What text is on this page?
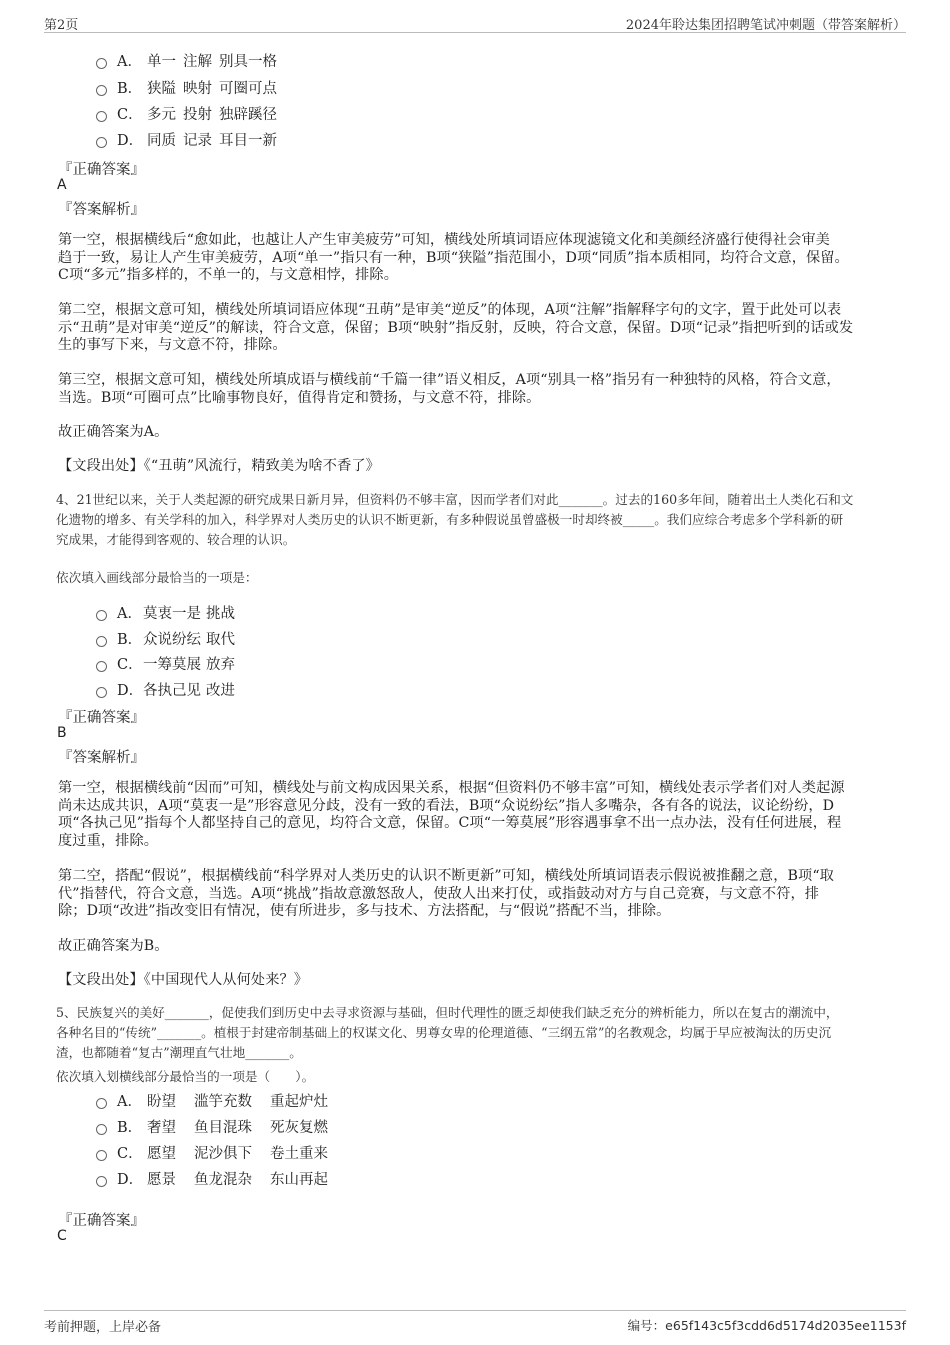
第2页	2024年聆达集团招聘笔试冲刺题（带答案解析）
A． 单一 注解 别具一格
B． 狭隘 映射 可圈可点
C． 多元 投射 独辟蹊径
D． 同质 记录 耳目一新
『正确答案』
A
『答案解析』
第一空，根据横线后“愈如此，也越让人产生审美疲劳”可知，横线处所填词语应体现滤镜文化和美颜经济盛行使得社会审美
趋于一致，易让人产生审美疲劳，A项“单一”指只有一种，B项“狭隘”指范围小，D项“同质”指本质相同，均符合文意，保留。
C项“多元”指多样的，不单一的，与文意相悖，排除。
第二空，根据文意可知，横线处所填词语应体现“丑萌”是审美“逆反”的体现，A项“注解”指解释字句的文字，置于此处可以表
示“丑萌”是对审美“逆反”的解读，符合文意，保留；B项“映射”指反射，反映，符合文意，保留。D项“记录”指把听到的话或发
生的事写下来，与文意不符，排除。
第三空，根据文意可知，横线处所填成语与横线前“千篇一律”语义相反，A项“别具一格”指另有一种独特的风格，符合文意，
当选。B项“可圈可点”比喻事物良好，值得肯定和赞扬，与文意不符，排除。
故正确答案为A。
【文段出处】《“丑萌”风流行，精致美为啥不香了》
4、21世纪以来，关于人类起源的研究成果日新月异，但资料仍不够丰富，因而学者们对此_______。过去的160多年间，随着出土人类化石和文
化遗物的增多、有关学科的加入，科学界对人类历史的认识不断更新，有多种假说虽曾盛极一时却终被_____。我们应综合考虑多个学科新的研
究成果，才能得到客观的、较合理的认识。
依次填入画线部分最恰当的一项是：
A． 莫衷一是 挑战
B． 众说纷纭 取代
C． 一筹莫展 放弃
D． 各执己见 改进
『正确答案』
B
『答案解析』
第一空，根据横线前“因而”可知，横线处与前文构成因果关系，根据“但资料仍不够丰富”可知，横线处表示学者们对人类起源
尚未达成共识，A项“莫衷一是”形容意见分歧，没有一致的看法，B项“众说纷纭”指人多嘴杂，各有各的说法，议论纷纷，D
项“各执己见”指每个人都坚持自己的意见，均符合文意，保留。C项“一筹莫展”形容遇事拿不出一点办法，没有任何进展，程
度过重，排除。
第二空，搭配“假说”，根据横线前“科学界对人类历史的认识不断更新”可知，横线处所填词语表示假说被推翻之意，B项“取
代”指替代，符合文意，当选。A项“挑战”指故意激怒敌人，使敌人出来打仗，或指鼓动对方与自己竞赛，与文意不符，排
除；D项“改进”指改变旧有情况，使有所进步，多与技术、方法搭配，与“假说”搭配不当，排除。
故正确答案为B。
【文段出处】《中国现代人从何处来？》
5、民族复兴的美好_______，促使我们到历史中去寻求资源与基础，但时代理性的匮乏却使我们缺乏充分的辨析能力，所以在复古的潮流中，
各种名目的“传统”_______。植根于封建帝制基础上的权谋文化、男尊女卑的伦理道德、“三纲五常”的名教观念，均属于早应被淘汰的历史沉
渣，也都随着“复古”潮理直气壮地_______。
依次填入划横线部分最恰当的一项是（　　）。
A． 盼望 滥竽充数 重起炉灶
B． 奢望 鱼目混珠 死灰复燃
C． 愿望 泥沙俱下 卷土重来
D． 愿景 鱼龙混杂 东山再起
『正确答案』
C
考前押题，上岸必备	编号：e65f143c5f3cdd6d5174d2035ee1153f
